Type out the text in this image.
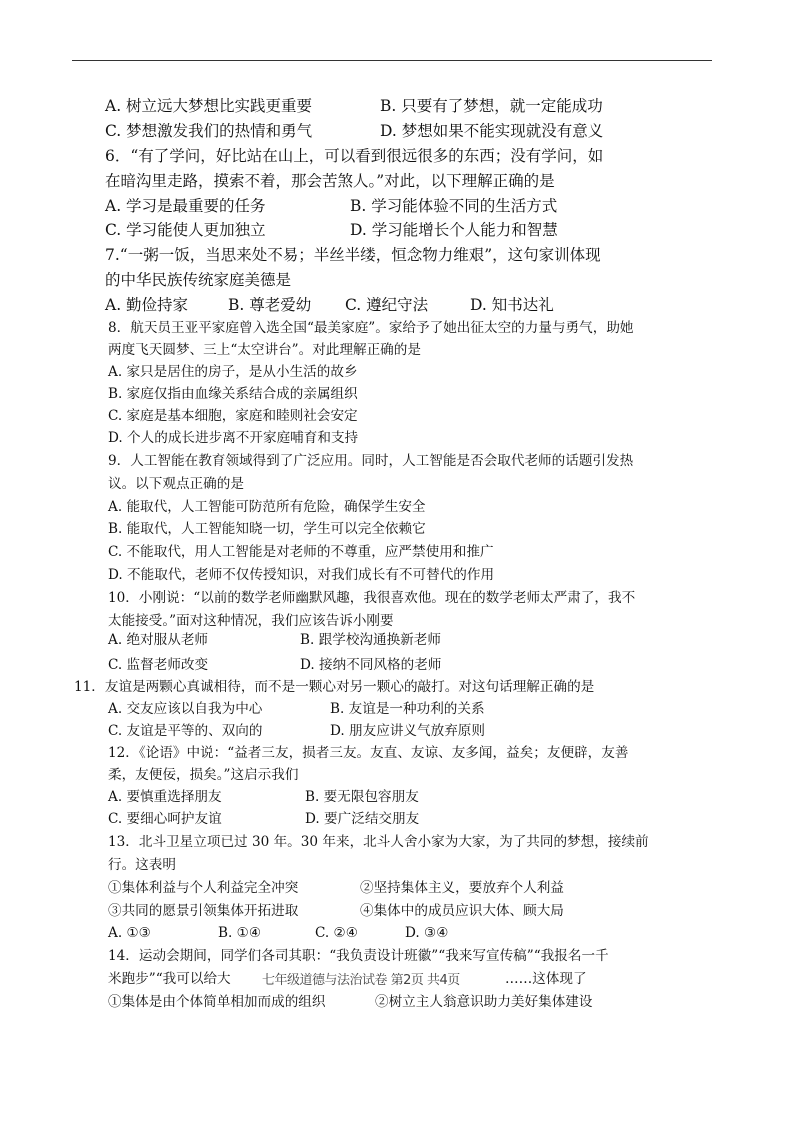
A. 树立远大梦想比实践更重要	B. 只要有了梦想，就一定能成功
C. 梦想激发我们的热情和勇气	D. 梦想如果不能实现就没有意义
6．“有了学问，好比站在山上，可以看到很远很多的东西；没有学问，如
在暗沟里走路，摸索不着，那会苦煞人。”对此，以下理解正确的是
A. 学习是最重要的任务	B. 学习能体验不同的生活方式
C. 学习能使人更加独立	D. 学习能增长个人能力和智慧
7.“一粥一饭，当思来处不易；半丝半缕，恒念物力维艰”，这句家训体现
的中华民族传统家庭美德是
A. 勤俭持家	B. 尊老爱幼 C. 遵纪守法	D. 知书达礼
8．航天员王亚平家庭曾入选全国“最美家庭”。家给予了她出征太空的力量与勇气，助她
两度飞天圆梦、三上“太空讲台”。对此理解正确的是
A. 家只是居住的房子，是从小生活的故乡
B. 家庭仅指由血缘关系结合成的亲属组织
C. 家庭是基本细胞，家庭和睦则社会安定
D. 个人的成长进步离不开家庭哺育和支持
9．人工智能在教育领域得到了广泛应用。同时，人工智能是否会取代老师的话题引发热
议。以下观点正确的是
A. 能取代，人工智能可防范所有危险，确保学生安全
B. 能取代，人工智能知晓一切，学生可以完全依赖它
C. 不能取代，用人工智能是对老师的不尊重，应严禁使用和推广
D. 不能取代，老师不仅传授知识，对我们成长有不可替代的作用
10．小刚说：“以前的数学老师幽默风趣，我很喜欢他。现在的数学老师太严肃了，我不
太能接受。”面对这种情况，我们应该告诉小刚要
A. 绝对服从老师	B. 跟学校沟通换新老师
C. 监督老师改变	D. 接纳不同风格的老师
11．友谊是两颗心真诚相待，而不是一颗心对另一颗心的敲打。对这句话理解正确的是
A. 交友应该以自我为中心	B. 友谊是一种功利的关系
C. 友谊是平等的、双向的	D. 朋友应讲义气放弃原则
12．《论语》中说：“益者三友，损者三友。友直、友谅、友多闻，益矣；友便辟，友善
柔，友便佞，损矣。”这启示我们
A. 要慎重选择朋友	B. 要无限包容朋友
C. 要细心呵护友谊	D. 要广泛结交朋友
13．北斗卫星立项已过 30 年。30 年来，北斗人舍小家为大家，为了共同的梦想，接续前
行。这表明
①集体利益与个人利益完全冲突	②坚持集体主义，要放弃个人利益
③共同的愿景引领集体开拓进取	④集体中的成员应识大体、顾大局
A. ①③	B. ①④	C. ②④	D. ③④
14．运动会期间，同学们各司其职：“我负责设计班徽”“我来写宣传稿”“我报名一千
米跑步”“我可以给大	……这体现了
①集体是由个体简单相加而成的组织	②树立主人翁意识助力美好集体建设
七年级道德与法治试卷 第2页 共4页
